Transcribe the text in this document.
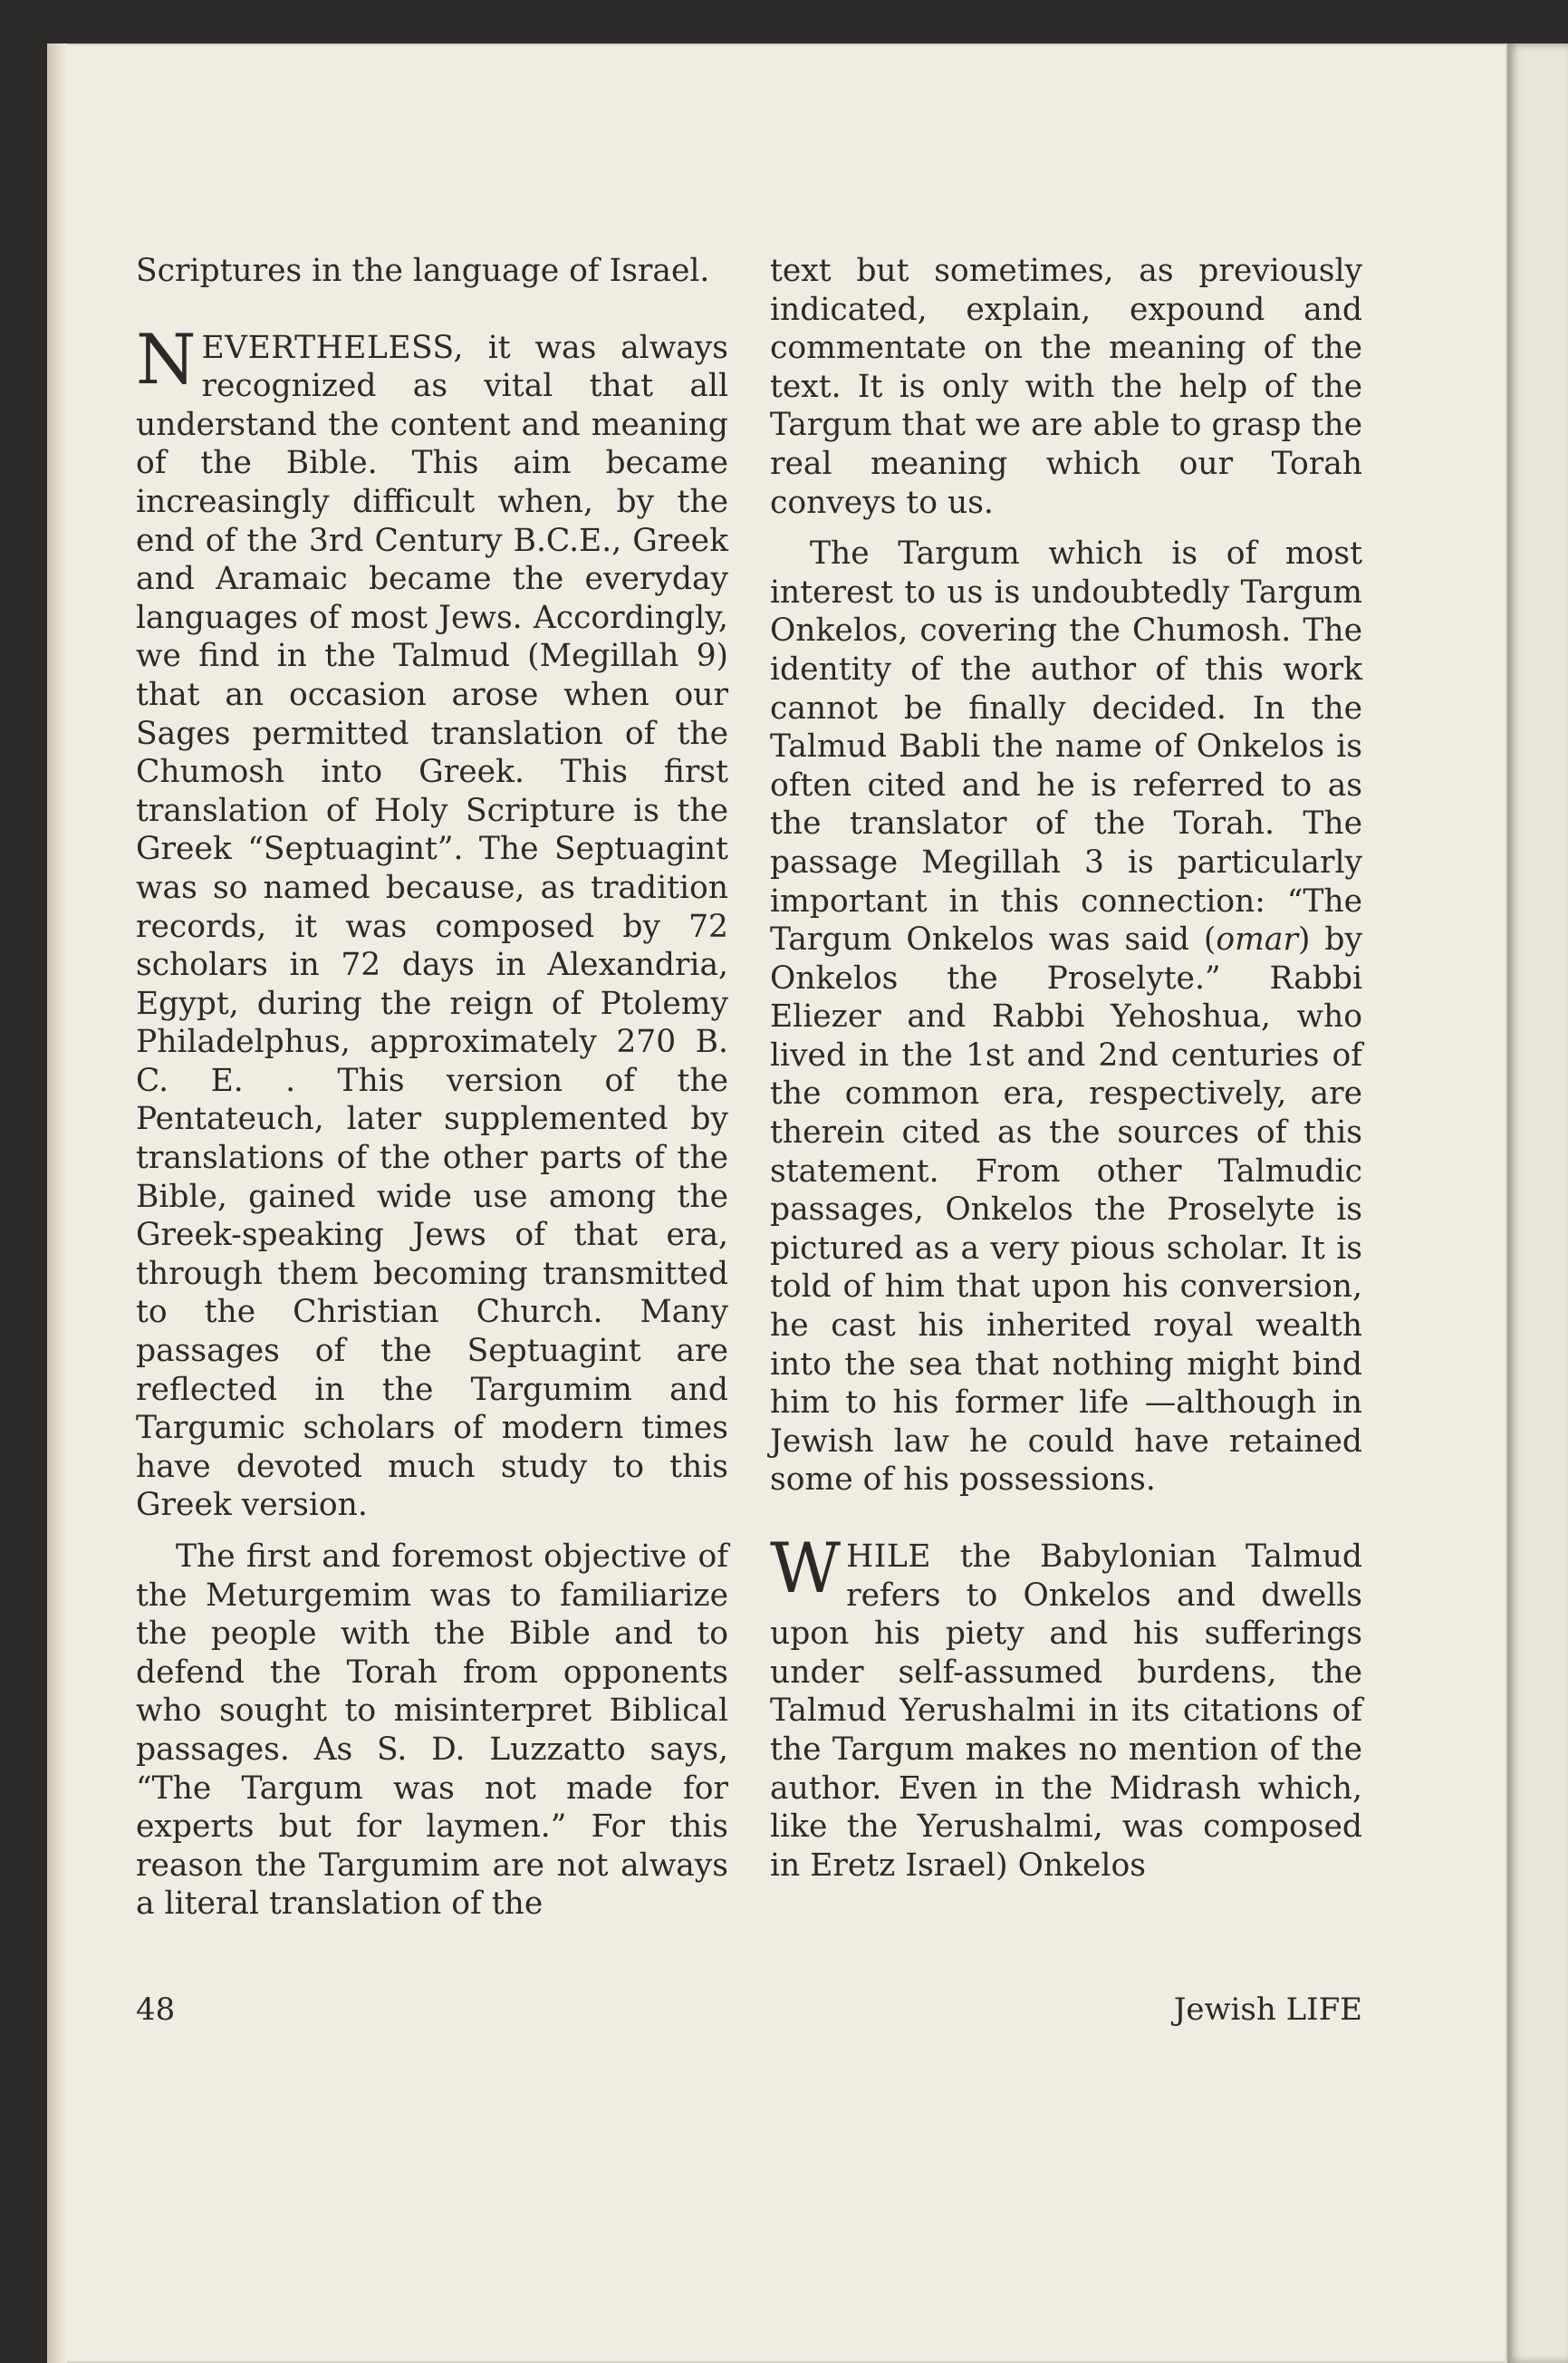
Scriptures in the language of Israel.

NEVERTHELESS, it was always recognized as vital that all understand the content and meaning of the Bible. This aim became increasingly difficult when, by the end of the 3rd Century B.C.E., Greek and Aramaic became the everyday languages of most Jews. Accordingly, we find in the Talmud (Megillah 9) that an occasion arose when our Sages permitted translation of the Chumosh into Greek. This first translation of Holy Scripture is the Greek “Septuagint”. The Septuagint was so named because, as tradition records, it was composed by 72 scholars in 72 days in Alexandria, Egypt, during the reign of Ptolemy Philadelphus, approximately 270 B. C. E. . This version of the Pentateuch, later supplemented by translations of the other parts of the Bible, gained wide use among the Greek-speaking Jews of that era, through them becoming transmitted to the Christian Church. Many passages of the Septuagint are reflected in the Targumim and Targumic scholars of modern times have devoted much study to this Greek version.

The first and foremost objective of the Meturgemim was to familiarize the people with the Bible and to defend the Torah from opponents who sought to misinterpret Biblical passages. As S. D. Luzzatto says, “The Targum was not made for experts but for laymen.” For this reason the Targumim are not always a literal translation of the

text but sometimes, as previously indicated, explain, expound and commentate on the meaning of the text. It is only with the help of the Targum that we are able to grasp the real meaning which our Torah conveys to us.

The Targum which is of most interest to us is undoubtedly Targum Onkelos, covering the Chumosh. The identity of the author of this work cannot be finally decided. In the Talmud Babli the name of Onkelos is often cited and he is referred to as the translator of the Torah. The passage Megillah 3 is particularly important in this connection: “The Targum Onkelos was said (omar) by Onkelos the Proselyte.” Rabbi Eliezer and Rabbi Yehoshua, who lived in the 1st and 2nd centuries of the common era, respectively, are therein cited as the sources of this statement. From other Talmudic passages, Onkelos the Proselyte is pictured as a very pious scholar. It is told of him that upon his conversion, he cast his inherited royal wealth into the sea that nothing might bind him to his former life —although in Jewish law he could have retained some of his possessions.

WHILE the Babylonian Talmud refers to Onkelos and dwells upon his piety and his sufferings under self-assumed burdens, the Talmud Yerushalmi in its citations of the Targum makes no mention of the author. Even in the Midrash which, like the Yerushalmi, was composed in Eretz Israel) Onkelos

48	Jewish LIFE
